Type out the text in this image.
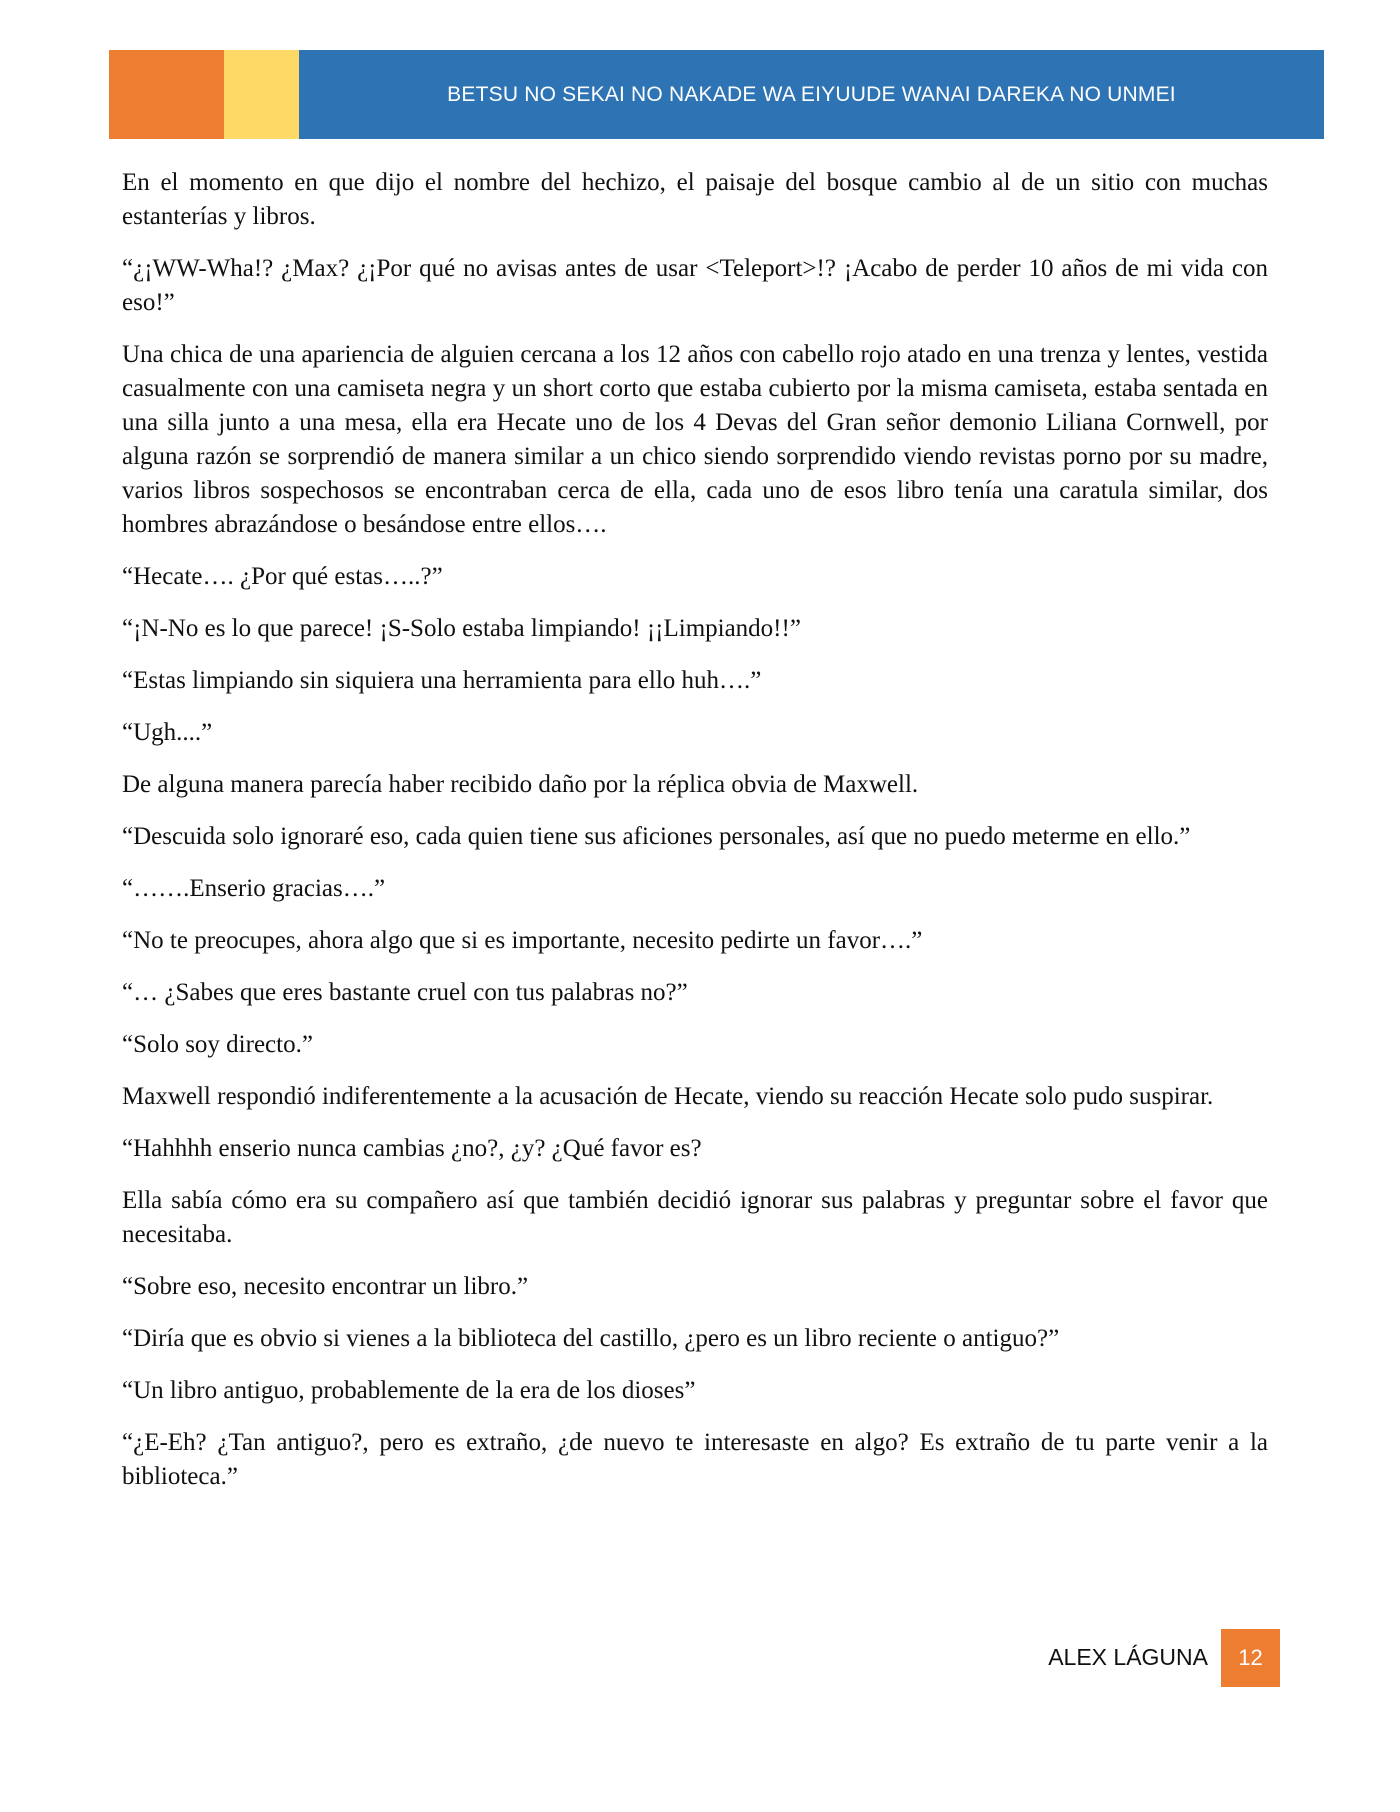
BETSU NO SEKAI NO NAKADE WA EIYUUDE WANAI DAREKA NO UNMEI

En el momento en que dijo el nombre del hechizo, el paisaje del bosque cambio al de un sitio con muchas estanterías y libros.

“¿¡WW-Wha!? ¿Max? ¿¡Por qué no avisas antes de usar <Teleport>!? ¡Acabo de perder 10 años de mi vida con eso!”

Una chica de una apariencia de alguien cercana a los 12 años con cabello rojo atado en una trenza y lentes, vestida casualmente con una camiseta negra y un short corto que estaba cubierto por la misma camiseta, estaba sentada en una silla junto a una mesa, ella era Hecate uno de los 4 Devas del Gran señor demonio Liliana Cornwell, por alguna razón se sorprendió de manera similar a un chico siendo sorprendido viendo revistas porno por su madre, varios libros sospechosos se encontraban cerca de ella, cada uno de esos libro tenía una caratula similar, dos hombres abrazándose o besándose entre ellos….

“Hecate…. ¿Por qué estas…..?”

“¡N-No es lo que parece! ¡S-Solo estaba limpiando! ¡¡Limpiando!!”

“Estas limpiando sin siquiera una herramienta para ello huh….”

“Ugh....”

De alguna manera parecía haber recibido daño por la réplica obvia de Maxwell.

“Descuida solo ignoraré eso, cada quien tiene sus aficiones personales, así que no puedo meterme en ello.”

“…….Enserio gracias….”

“No te preocupes, ahora algo que si es importante, necesito pedirte un favor….”

“… ¿Sabes que eres bastante cruel con tus palabras no?”

“Solo soy directo.”

Maxwell respondió indiferentemente a la acusación de Hecate, viendo su reacción Hecate solo pudo suspirar.

“Hahhhh enserio nunca cambias ¿no?, ¿y? ¿Qué favor es?

Ella sabía cómo era su compañero así que también decidió ignorar sus palabras y preguntar sobre el favor que necesitaba.

“Sobre eso, necesito encontrar un libro.”

“Diría que es obvio si vienes a la biblioteca del castillo, ¿pero es un libro reciente o antiguo?”

“Un libro antiguo, probablemente de la era de los dioses”

“¿E-Eh? ¿Tan antiguo?, pero es extraño, ¿de nuevo te interesaste en algo? Es extraño de tu parte venir a la biblioteca.”

ALEX LÁGUNA 12
